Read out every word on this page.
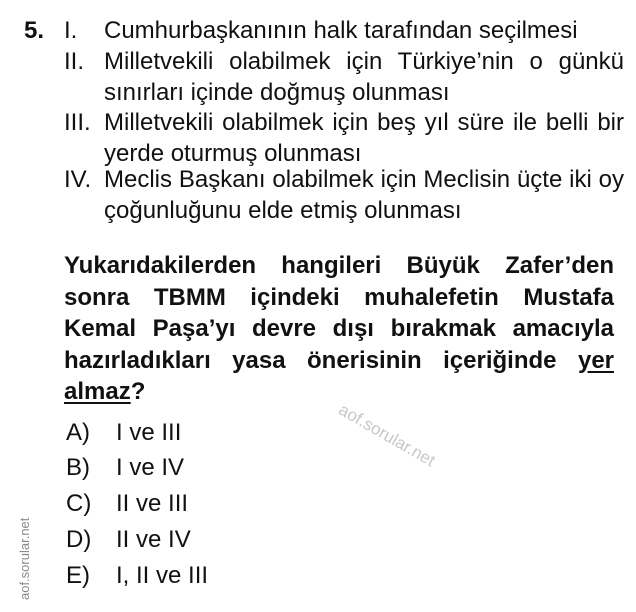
5. I. Cumhurbaşkanının halk tarafından seçilmesi
II. Milletvekili olabilmek için Türkiye’nin o günkü sınırları içinde doğmuş olunması
III. Milletvekili olabilmek için beş yıl süre ile belli bir yerde oturmuş olunması
IV. Meclis Başkanı olabilmek için Meclisin üçte iki oy çoğunluğunu elde etmiş olunması
Yukarıdakilerden hangileri Büyük Zafer’den sonra TBMM içindeki muhalefetin Mustafa Kemal Paşa’yı devre dışı bırakmak amacıyla hazırladıkları yasa önerisinin içeriğinde yer almaz?
A) I ve III
B) I ve IV
C) II ve III
D) II ve IV
E) I, II ve III
aof.sorular.net
aof.sorular.net
